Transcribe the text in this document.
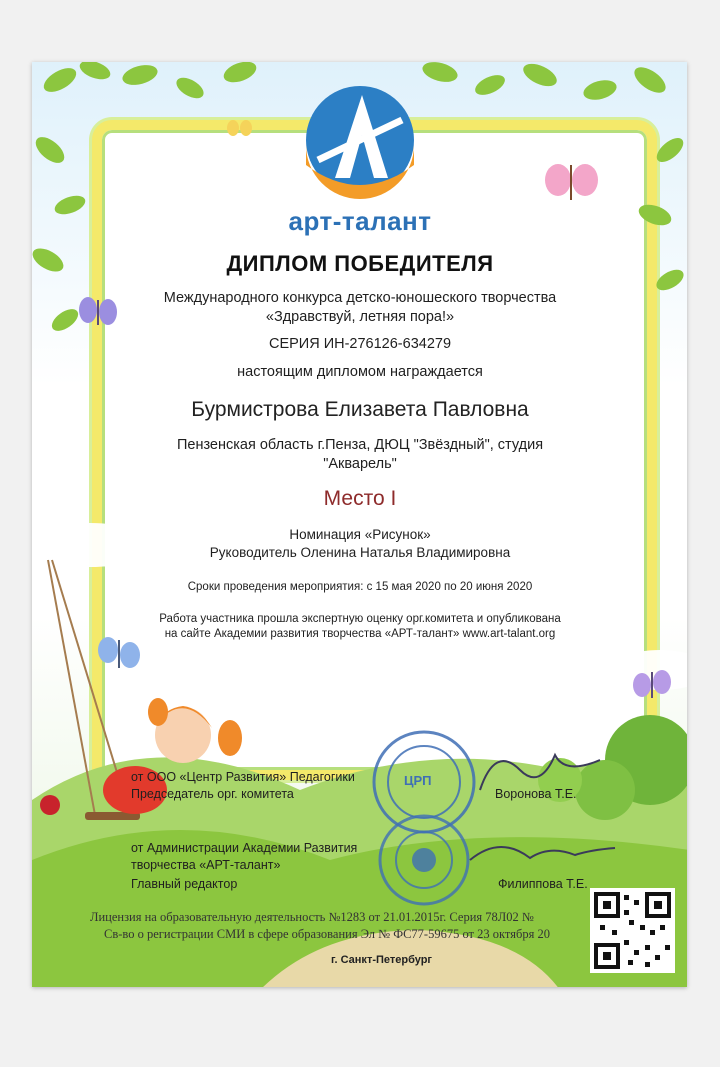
арт-талант
ДИПЛОМ ПОБЕДИТЕЛЯ
Международного конкурса детско-юношеского творчества
«Здравствуй, летняя пора!»
СЕРИЯ ИН-276126-634279
настоящим дипломом награждается
Бурмистрова Елизавета Павловна
Пензенская область г.Пенза, ДЮЦ "Звёздный", студия
"Акварель"
Место I
Номинация «Рисунок»
Руководитель Оленина Наталья Владимировна
Сроки проведения мероприятия: с 15 мая 2020 по 20 июня 2020
Работа участника прошла экспертную оценку орг.комитета и опубликована
на сайте Академии развития творчества «АРТ-талант» www.art-talant.org
от ООО «Центр Развития» Педагогики
Председатель орг. комитета	Воронова Т.Е.
от Администрации Академии Развития
творчества «АРТ-талант»
Главный редактор	Филиппова Т.Е.
ЦРП
Лицензия на образовательную деятельность №1283 от 21.01.2015г. Серия 78Л02 №
Св-во о регистрации СМИ в сфере образования Эл № ФС77-59675 от 23 октября 20
г. Санкт-Петербург
